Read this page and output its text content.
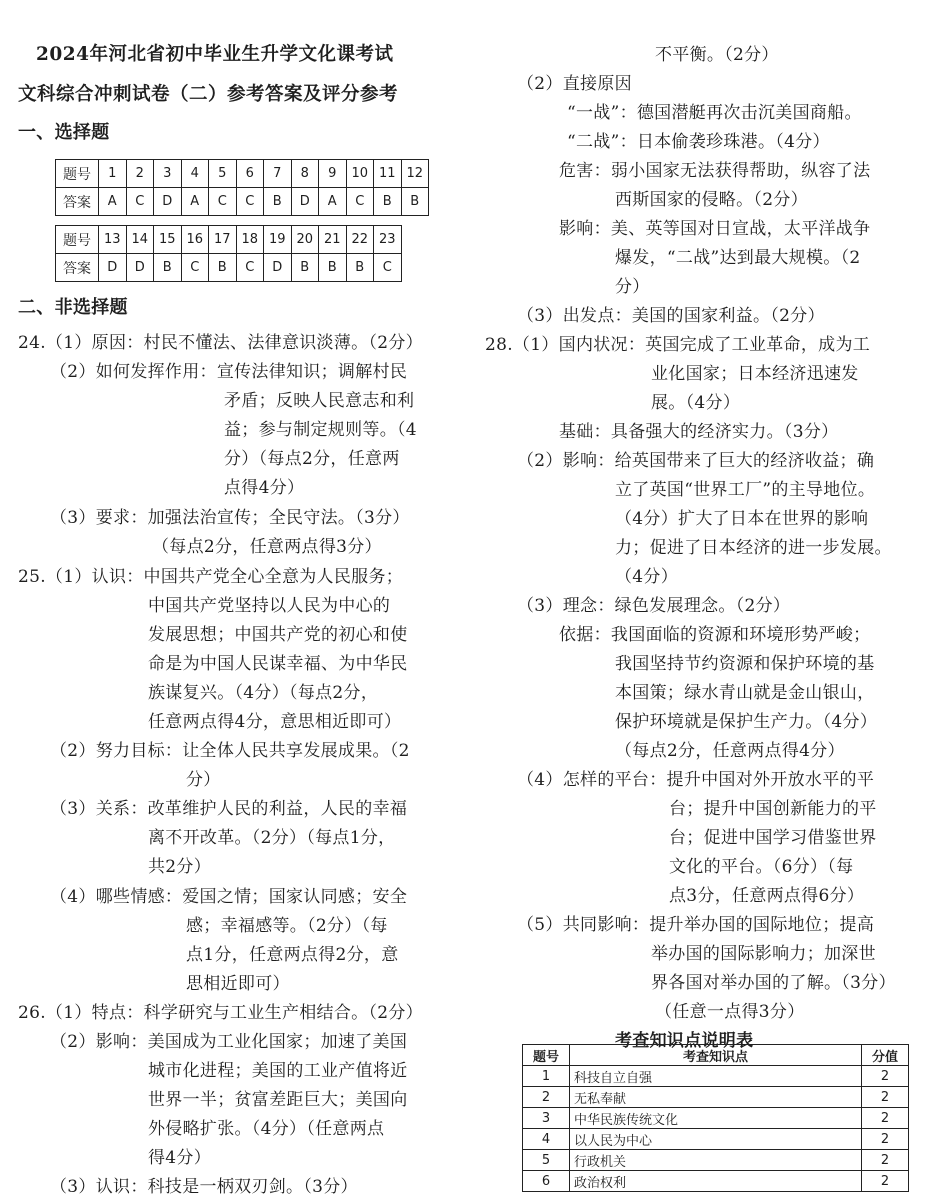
2024年河北省初中毕业生升学文化课考试
文科综合冲刺试卷（二）参考答案及评分参考
一、选择题
题号	1	2	3	4	5	6	7	8	9	10	11	12
答案	A	C	D	A	C	C	B	D	A	C	B	B
题号	13	14	15	16	17	18	19	20	21	22	23
答案	D	D	B	C	B	C	D	B	B	B	C
二、非选择题
24.（1）原因：村民不懂法、法律意识淡薄。（2分）
（2）如何发挥作用：宣传法律知识；调解村民
矛盾；反映人民意志和利
益；参与制定规则等。（4
分）（每点2分，任意两
点得4分）
（3）要求：加强法治宣传；全民守法。（3分）
（每点2分，任意两点得3分）
25.（1）认识：中国共产党全心全意为人民服务；
中国共产党坚持以人民为中心的
发展思想；中国共产党的初心和使
命是为中国人民谋幸福、为中华民
族谋复兴。（4分）（每点2分，
任意两点得4分，意思相近即可）
（2）努力目标：让全体人民共享发展成果。（2
分）
（3）关系：改革维护人民的利益，人民的幸福
离不开改革。（2分）（每点1分，
共2分）
（4）哪些情感：爱国之情；国家认同感；安全
感；幸福感等。（2分）（每
点1分，任意两点得2分，意
思相近即可）
26.（1）特点：科学研究与工业生产相结合。（2分）
（2）影响：美国成为工业化国家；加速了美国
城市化进程；美国的工业产值将近
世界一半；贫富差距巨大；美国向
外侵略扩张。（4分）（任意两点
得4分）
（3）认识：科技是一柄双刃剑。（3分）
不平衡。（2分）
（2）直接原因
“一战”：德国潜艇再次击沉美国商船。
“二战”：日本偷袭珍珠港。（4分）
危害：弱小国家无法获得帮助，纵容了法
西斯国家的侵略。（2分）
影响：美、英等国对日宣战，太平洋战争
爆发，“二战”达到最大规模。（2
分）
（3）出发点：美国的国家利益。（2分）
28.（1）国内状况：英国完成了工业革命，成为工
业化国家；日本经济迅速发
展。（4分）
基础：具备强大的经济实力。（3分）
（2）影响：给英国带来了巨大的经济收益；确
立了英国“世界工厂”的主导地位。
（4分）扩大了日本在世界的影响
力；促进了日本经济的进一步发展。
（4分）
（3）理念：绿色发展理念。（2分）
依据：我国面临的资源和环境形势严峻；
我国坚持节约资源和保护环境的基
本国策；绿水青山就是金山银山，
保护环境就是保护生产力。（4分）
（每点2分，任意两点得4分）
（4）怎样的平台：提升中国对外开放水平的平
台；提升中国创新能力的平
台；促进中国学习借鉴世界
文化的平台。（6分）（每
点3分，任意两点得6分）
（5）共同影响：提升举办国的国际地位；提高
举办国的国际影响力；加深世
界各国对举办国的了解。（3分）
（任意一点得3分）
考查知识点说明表
题号	考查知识点	分值
1	科技自立自强	2
2	无私奉献	2
3	中华民族传统文化	2
4	以人民为中心	2
5	行政机关	2
6	政治权利	2
